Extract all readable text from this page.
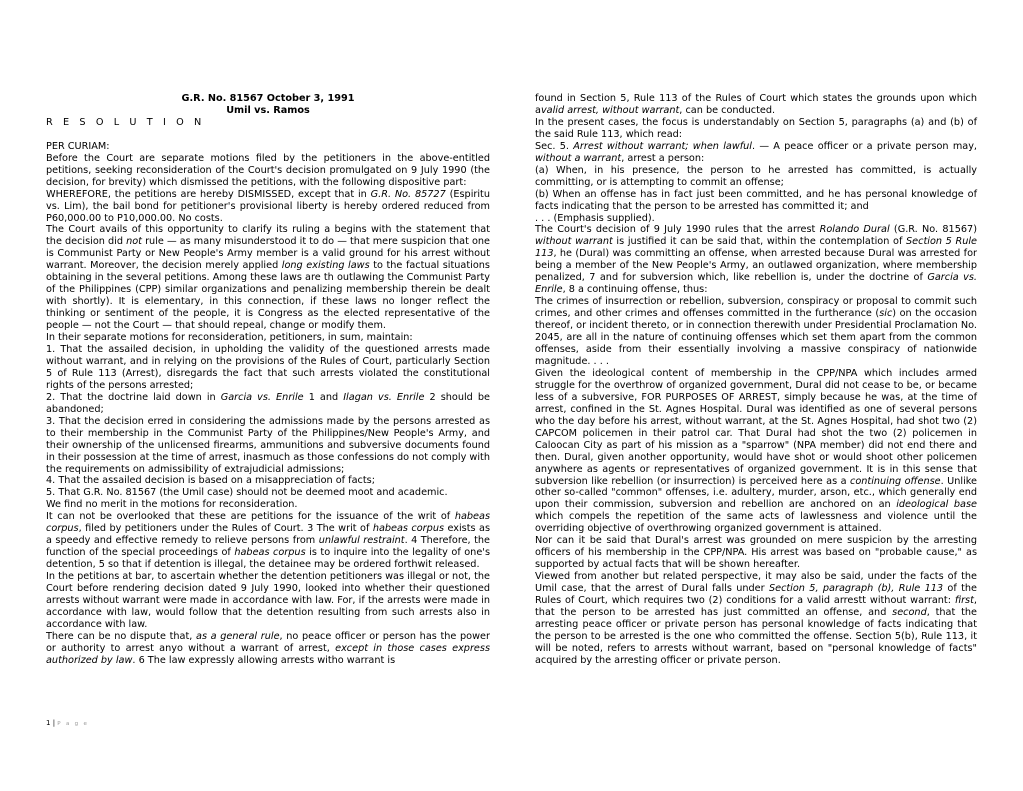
G.R. No. 81567 October 3, 1991

Umil vs. Ramos

R E S O L U T I O N

PER CURIAM:

Before the Court are separate motions filed by the petitioners in the above-entitled petitions, seeking reconsideration of the Court's decision promulgated on 9 July 1990 (the decision, for brevity) which dismissed the petitions, with the following dispositive part:

WHEREFORE, the petitions are hereby DISMISSED, except that in G.R. No. 85727 (Espiritu vs. Lim), the bail bond for petitioner's provisional liberty is hereby ordered reduced from P60,000.00 to P10,000.00. No costs.

The Court avails of this opportunity to clarify its ruling a begins with the statement that the decision did not rule — as many misunderstood it to do — that mere suspicion that one is Communist Party or New People's Army member is a valid ground for his arrest without warrant. Moreover, the decision merely applied long existing laws to the factual situations obtaining in the several petitions. Among these laws are th outlawing the Communist Party of the Philippines (CPP) similar organizations and penalizing membership therein be dealt with shortly). It is elementary, in this connection, if these laws no longer reflect the thinking or sentiment of the people, it is Congress as the elected representative of the people — not the Court — that should repeal, change or modify them.

In their separate motions for reconsideration, petitioners, in sum, maintain:

1. That the assailed decision, in upholding the validity of the questioned arrests made without warrant, and in relying on the provisions of the Rules of Court, particularly Section 5 of Rule 113 (Arrest), disregards the fact that such arrests violated the constitutional rights of the persons arrested;

2. That the doctrine laid down in Garcia vs. Enrile 1 and Ilagan vs. Enrile 2 should be abandoned;

3. That the decision erred in considering the admissions made by the persons arrested as to their membership in the Communist Party of the Philippines/New People's Army, and their ownership of the unlicensed firearms, ammunitions and subversive documents found in their possession at the time of arrest, inasmuch as those confessions do not comply with the requirements on admissibility of extrajudicial admissions;

4. That the assailed decision is based on a misappreciation of facts;

5. That G.R. No. 81567 (the Umil case) should not be deemed moot and academic.

We find no merit in the motions for reconsideration.

It can not be overlooked that these are petitions for the issuance of the writ of habeas corpus, filed by petitioners under the Rules of Court. 3 The writ of habeas corpus exists as a speedy and effective remedy to relieve persons from unlawful restraint. 4 Therefore, the function of the special proceedings of habeas corpus is to inquire into the legality of one's detention, 5 so that if detention is illegal, the detainee may be ordered forthwit released.

In the petitions at bar, to ascertain whether the detention petitioners was illegal or not, the Court before rendering decision dated 9 July 1990, looked into whether their questioned arrests without warrant were made in accordance with law. For, if the arrests were made in accordance with law, would follow that the detention resulting from such arrests also in accordance with law.

There can be no dispute that, as a general rule, no peace officer or person has the power or authority to arrest anyo without a warrant of arrest, except in those cases express authorized by law. 6 The law expressly allowing arrests witho warrant is

found in Section 5, Rule 113 of the Rules of Court which states the grounds upon which avalid arrest, without warrant, can be conducted.

In the present cases, the focus is understandably on Section 5, paragraphs (a) and (b) of the said Rule 113, which read:

Sec. 5. Arrest without warrant; when lawful. — A peace officer or a private person may, without a warrant, arrest a person:

(a) When, in his presence, the person to he arrested has committed, is actually committing, or is attempting to commit an offense;

(b) When an offense has in fact just been committed, and he has personal knowledge of facts indicating that the person to be arrested has committed it; and

. . . (Emphasis supplied).

The Court's decision of 9 July 1990 rules that the arrest Rolando Dural (G.R. No. 81567) without warrant is justified it can be said that, within the contemplation of Section 5 Rule 113, he (Dural) was committing an offense, when arrested because Dural was arrested for being a member of the New People's Army, an outlawed organization, where membership penalized, 7 and for subversion which, like rebellion is, under the doctrine of Garcia vs. Enrile, 8 a continuing offense, thus:

The crimes of insurrection or rebellion, subversion, conspiracy or proposal to commit such crimes, and other crimes and offenses committed in the furtherance (sic) on the occasion thereof, or incident thereto, or in connection therewith under Presidential Proclamation No. 2045, are all in the nature of continuing offenses which set them apart from the common offenses, aside from their essentially involving a massive conspiracy of nationwide magnitude. . . .

Given the ideological content of membership in the CPP/NPA which includes armed struggle for the overthrow of organized government, Dural did not cease to be, or became less of a subversive, FOR PURPOSES OF ARREST, simply because he was, at the time of arrest, confined in the St. Agnes Hospital. Dural was identified as one of several persons who the day before his arrest, without warrant, at the St. Agnes Hospital, had shot two (2) CAPCOM policemen in their patrol car. That Dural had shot the two (2) policemen in Caloocan City as part of his mission as a "sparrow" (NPA member) did not end there and then. Dural, given another opportunity, would have shot or would shoot other policemen anywhere as agents or representatives of organized government. It is in this sense that subversion like rebellion (or insurrection) is perceived here as a continuing offense. Unlike other so-called "common" offenses, i.e. adultery, murder, arson, etc., which generally end upon their commission, subversion and rebellion are anchored on an ideological base which compels the repetition of the same acts of lawlessness and violence until the overriding objective of overthrowing organized government is attained.

Nor can it be said that Dural's arrest was grounded on mere suspicion by the arresting officers of his membership in the CPP/NPA. His arrest was based on "probable cause," as supported by actual facts that will be shown hereafter.

Viewed from another but related perspective, it may also be said, under the facts of the Umil case, that the arrest of Dural falls under Section 5, paragraph (b), Rule 113 of the Rules of Court, which requires two (2) conditions for a valid arrestt without warrant: first, that the person to be arrested has just committed an offense, and second, that the arresting peace officer or private person has personal knowledge of facts indicating that the person to be arrested is the one who committed the offense. Section 5(b), Rule 113, it will be noted, refers to arrests without warrant, based on "personal knowledge of facts" acquired by the arresting officer or private person.

1 | P a g e
